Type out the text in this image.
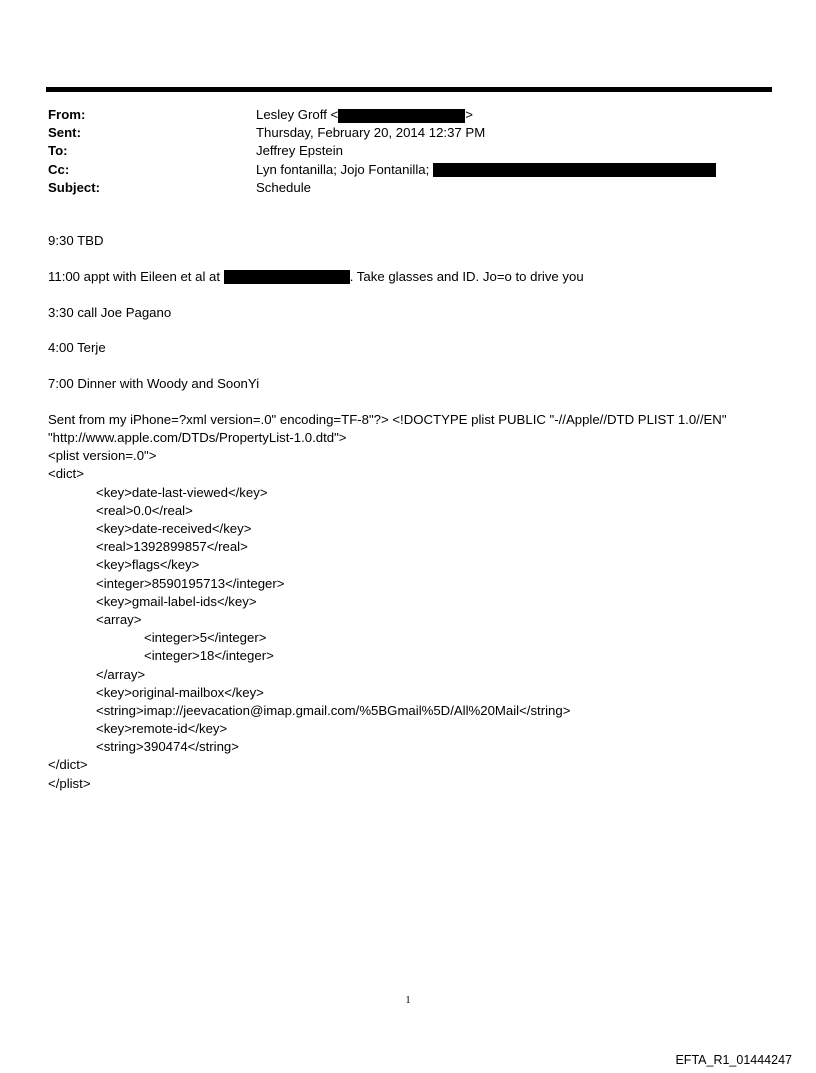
From:	Lesley Groff <	>
Sent:	Thursday, February 20, 2014 12:37 PM
To:	Jeffrey Epstein
Cc:	Lyn fontanilla; Jojo Fontanilla;
Subject:	Schedule
9:30 TBD
11:00 appt with Eileen et al at	. Take glasses and ID. Jo=o to drive you
3:30 call Joe Pagano
4:00 Terje
7:00 Dinner with Woody and SoonYi
Sent from my iPhone=?xml version=.0" encoding=TF-8"?> <!DOCTYPE plist PUBLIC "-//Apple//DTD PLIST 1.0//EN"
"http://www.apple.com/DTDs/PropertyList-1.0.dtd">
<plist version=.0">
<dict>
<key>date-last-viewed</key>
<real>0.0</real>
<key>date-received</key>
<real>1392899857</real>
<key>flags</key>
<integer>8590195713</integer>
<key>gmail-label-ids</key>
<array>
<integer>5</integer>
<integer>18</integer>
</array>
<key>original-mailbox</key>
<string>imap://jeevacation@imap.gmail.com/%5BGmail%5D/All%20Mail</string>
<key>remote-id</key>
<string>390474</string>
</dict>
</plist>
1
EFTA_R1_01444247
